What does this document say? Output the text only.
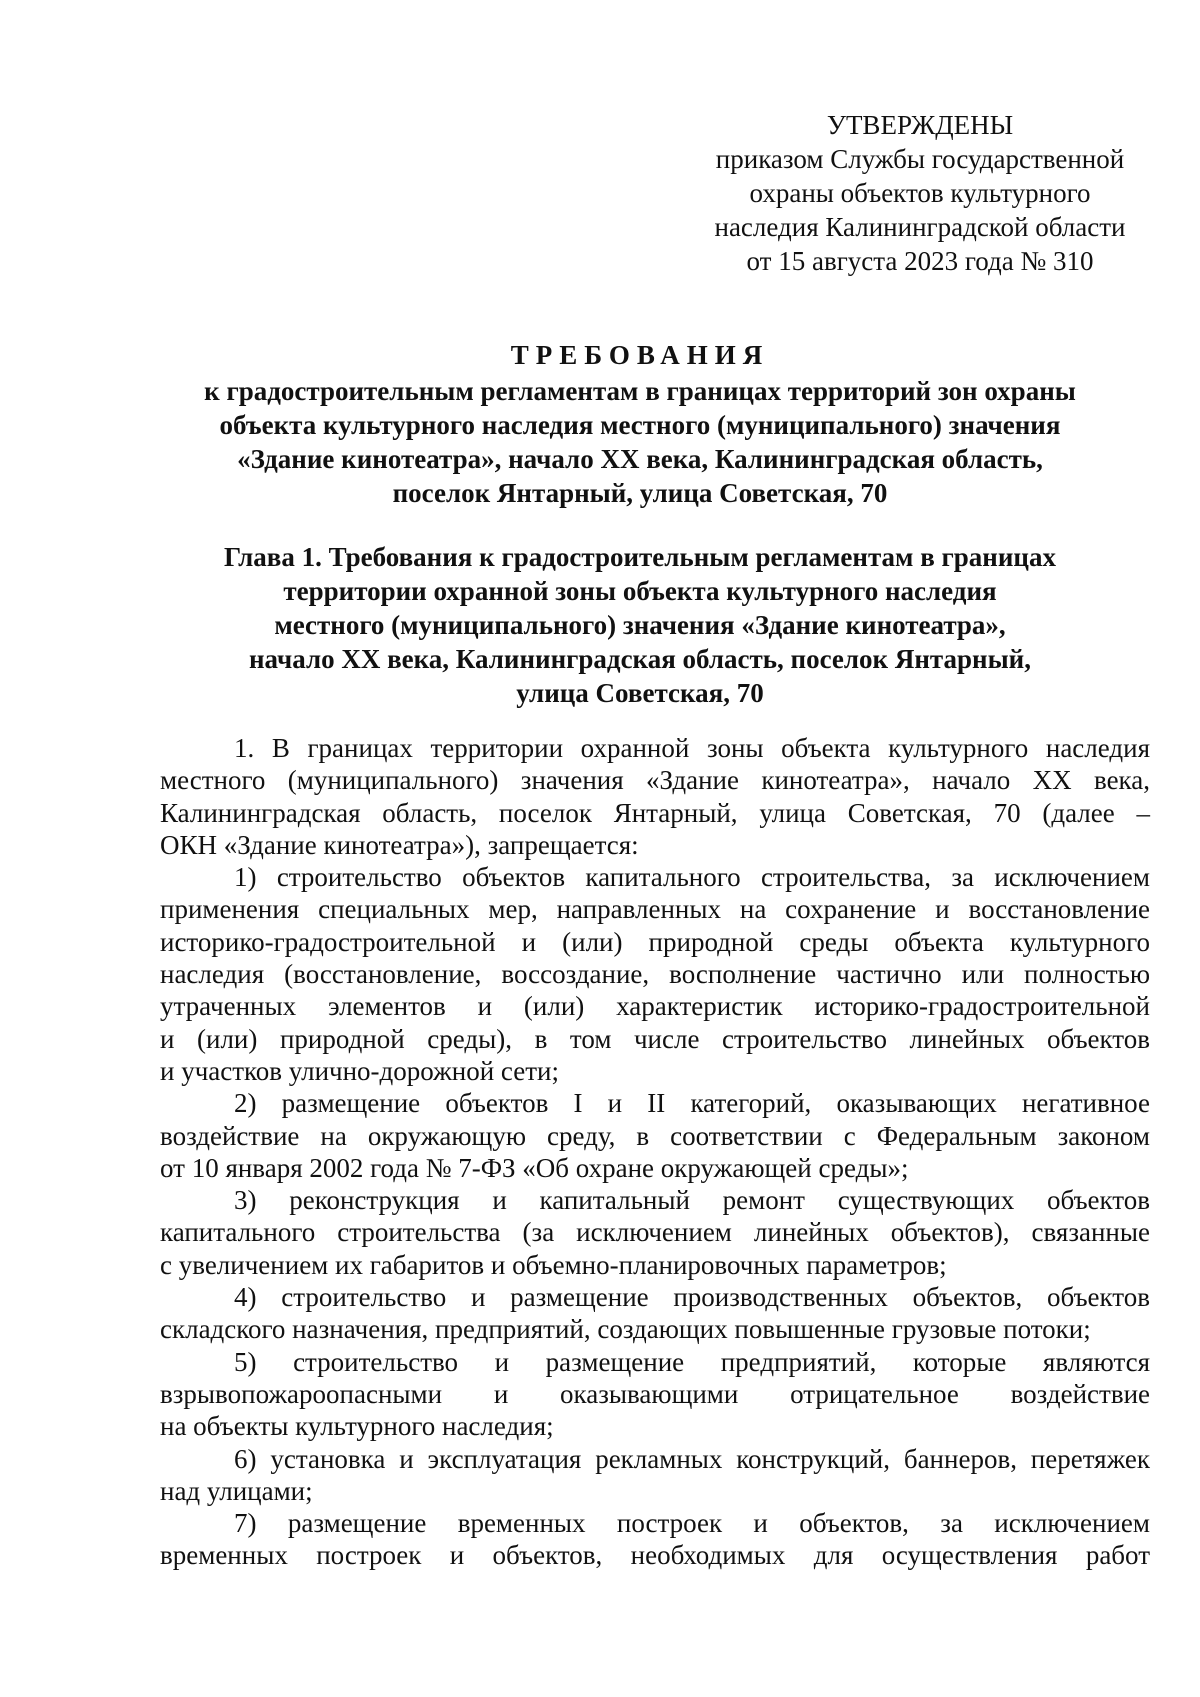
УТВЕРЖДЕНЫ
приказом Службы государственной
охраны объектов культурного
наследия Калининградской области
от 15 августа 2023 года № 310
ТРЕБОВАНИЯ
к градостроительным регламентам в границах территорий зон охраны
объекта культурного наследия местного (муниципального) значения
«Здание кинотеатра», начало XX века, Калининградская область,
поселок Янтарный, улица Советская, 70
Глава 1. Требования к градостроительным регламентам в границах
территории охранной зоны объекта культурного наследия
местного (муниципального) значения «Здание кинотеатра»,
начало XX века, Калининградская область, поселок Янтарный,
улица Советская, 70
1. В границах территории охранной зоны объекта культурного наследия
местного (муниципального) значения «Здание кинотеатра», начало XX века,
Калининградская область, поселок Янтарный, улица Советская, 70 (далее –
ОКН «Здание кинотеатра»), запрещается:
1) строительство объектов капитального строительства, за исключением
применения специальных мер, направленных на сохранение и восстановление
историко-градостроительной и (или) природной среды объекта культурного
наследия (восстановление, воссоздание, восполнение частично или полностью
утраченных элементов и (или) характеристик историко-градостроительной
и (или) природной среды), в том числе строительство линейных объектов
и участков улично-дорожной сети;
2) размещение объектов I и II категорий, оказывающих негативное
воздействие на окружающую среду, в соответствии с Федеральным законом
от 10 января 2002 года № 7-ФЗ «Об охране окружающей среды»;
3) реконструкция и капитальный ремонт существующих объектов
капитального строительства (за исключением линейных объектов), связанные
с увеличением их габаритов и объемно-планировочных параметров;
4) строительство и размещение производственных объектов, объектов
складского назначения, предприятий, создающих повышенные грузовые потоки;
5) строительство и размещение предприятий, которые являются
взрывопожароопасными и оказывающими отрицательное воздействие
на объекты культурного наследия;
6) установка и эксплуатация рекламных конструкций, баннеров, перетяжек
над улицами;
7) размещение временных построек и объектов, за исключением
временных построек и объектов, необходимых для осуществления работ
